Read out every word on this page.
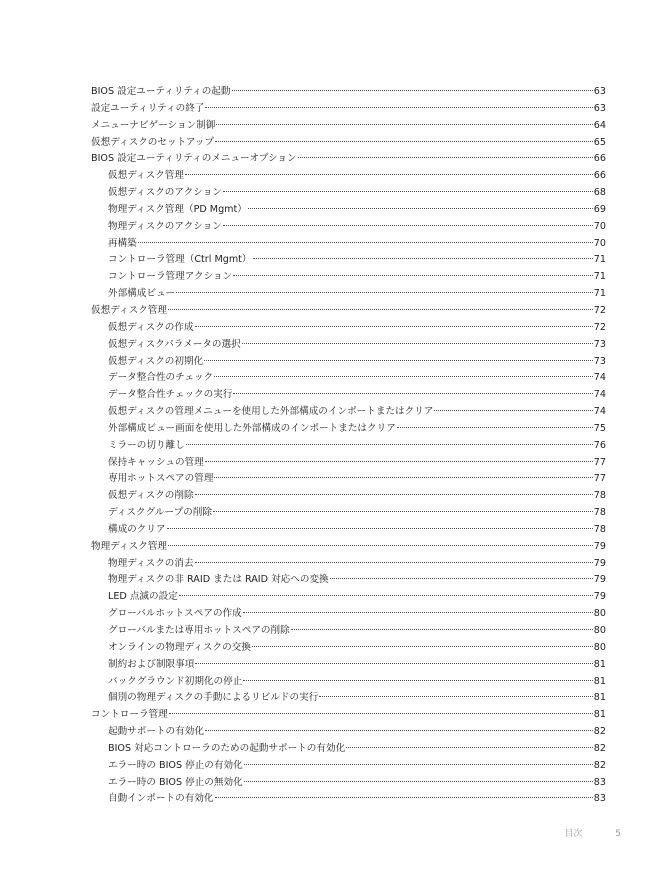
BIOS 設定ユーティリティの起動	63
設定ユーティリティの終了	63
メニューナビゲーション制御	64
仮想ディスクのセットアップ	65
BIOS 設定ユーティリティのメニューオプション	66
仮想ディスク管理	66
仮想ディスクのアクション	68
物理ディスク管理（PD Mgmt）	69
物理ディスクのアクション	70
再構築	70
コントローラ管理（Ctrl Mgmt）	71
コントローラ管理アクション	71
外部構成ビュー	71
仮想ディスク管理	72
仮想ディスクの作成	72
仮想ディスクパラメータの選択	73
仮想ディスクの初期化	73
データ整合性のチェック	74
データ整合性チェックの実行	74
仮想ディスクの管理メニューを使用した外部構成のインポートまたはクリア	74
外部構成ビュー画面を使用した外部構成のインポートまたはクリア	75
ミラーの切り離し	76
保持キャッシュの管理	77
専用ホットスペアの管理	77
仮想ディスクの削除	78
ディスクグループの削除	78
構成のクリア	78
物理ディスク管理	79
物理ディスクの消去	79
物理ディスクの非 RAID または RAID 対応への変換	79
LED 点滅の設定	79
グローバルホットスペアの作成	80
グローバルまたは専用ホットスペアの削除	80
オンラインの物理ディスクの交換	80
制約および制限事項	81
バックグラウンド初期化の停止	81
個別の物理ディスクの手動によるリビルドの実行	81
コントローラ管理	81
起動サポートの有効化	82
BIOS 対応コントローラのための起動サポートの有効化	82
エラー時の BIOS 停止の有効化	82
エラー時の BIOS 停止の無効化	83
自動インポートの有効化	83
目次	5
